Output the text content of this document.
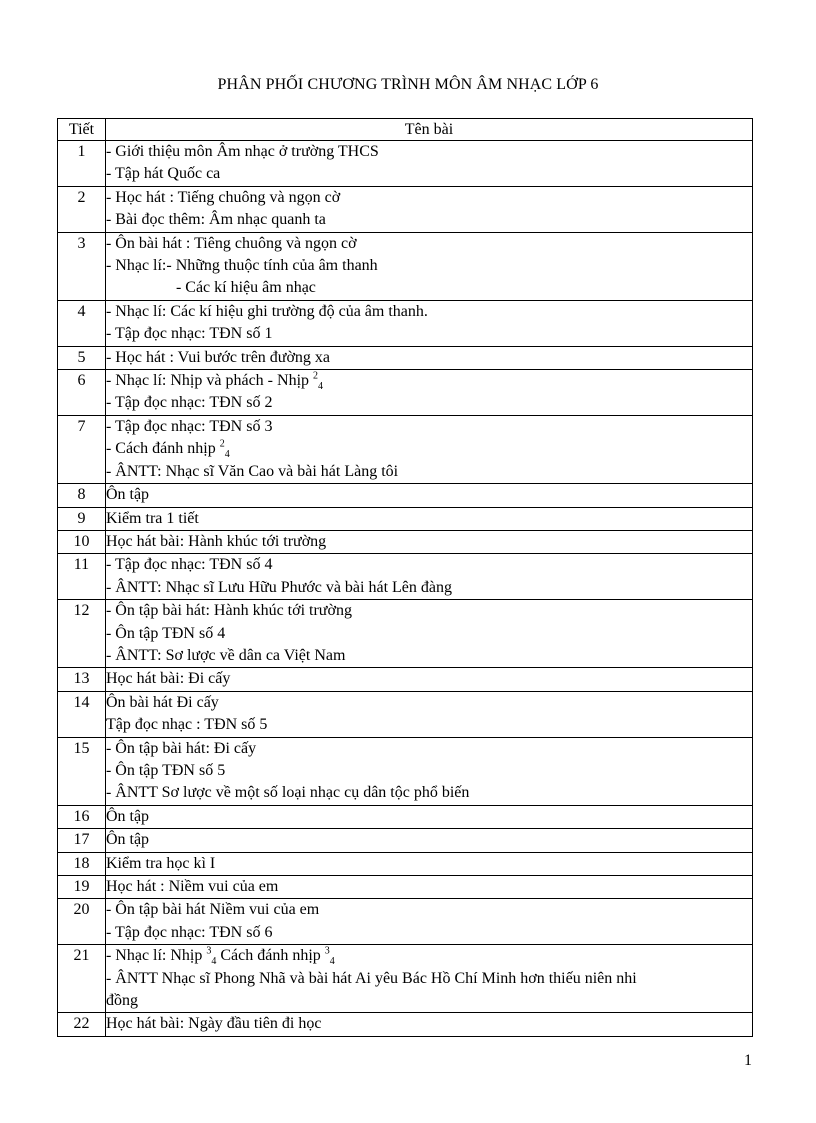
PHÂN PHỐI CHƯƠNG TRÌNH MÔN ÂM NHẠC LỚP 6
Tiết	Tên bài
1	- Giới thiệu môn Âm nhạc ở trường THCS
- Tập hát Quốc ca

2	- Học hát : Tiếng chuông và ngọn cờ
- Bài đọc thêm: Âm nhạc quanh ta

3	- Ôn bài hát : Tiêng chuông và ngọn cờ
- Nhạc lí:- Những thuộc tính của âm thanh
- Các kí hiệu âm nhạc

4	- Nhạc lí: Các kí hiệu ghi trường độ của âm thanh.
- Tập đọc nhạc: TĐN số 1

5	- Học hát : Vui bước trên đường xa

6	- Nhạc lí: Nhịp và phách - Nhịp $^2_4$
- Tập đọc nhạc: TĐN số 2

7	- Tập đọc nhạc: TĐN số 3
- Cách đánh nhịp $^2_4$
- ÂNTT: Nhạc sĩ Văn Cao và bài hát Làng tôi

8	Ôn tập

9	Kiểm tra 1 tiết

10	Học hát bài: Hành khúc tới trường

11	- Tập đọc nhạc: TĐN số 4
- ÂNTT: Nhạc sĩ Lưu Hữu Phước và bài hát Lên đàng

12	- Ôn tập bài hát: Hành khúc tới trường
- Ôn tập TĐN số 4
- ÂNTT: Sơ lược về dân ca Việt Nam

13	Học hát bài: Đi cấy

14	Ôn bài hát Đi cấy
Tập đọc nhạc : TĐN số 5

15	- Ôn tập bài hát: Đi cấy
- Ôn tập TĐN số 5
- ÂNTT Sơ lược về một số loại nhạc cụ dân tộc phổ biến

16	Ôn tập

17	Ôn tập

18	Kiểm tra học kì I

19	Học hát : Niềm vui của em

20	- Ôn tập bài hát Niềm vui của em
- Tập đọc nhạc: TĐN số 6

21	- Nhạc lí: Nhịp $^3_4$ Cách đánh nhịp $^3_4$
- ÂNTT Nhạc sĩ Phong Nhã và bài hát Ai yêu Bác Hồ Chí Minh hơn thiếu niên nhi
đồng

22	Học hát bài: Ngày đầu tiên đi học
1
